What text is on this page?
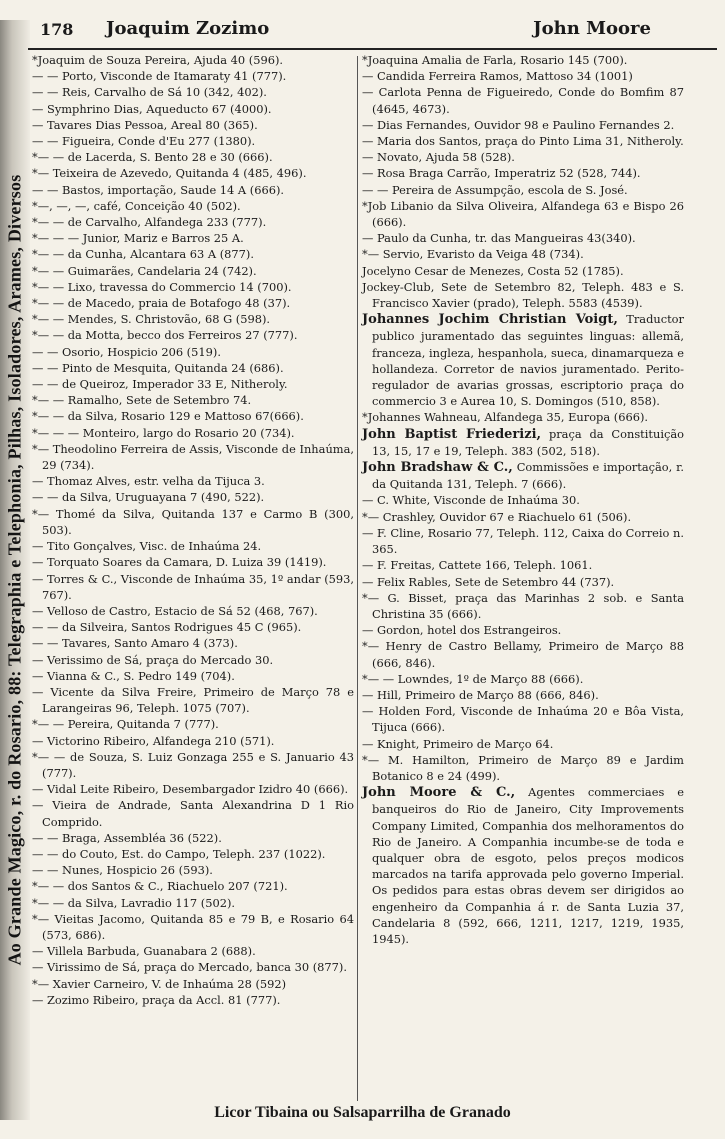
Ao Grande Magico, r. do Rosario, 88: Telegraphia e Telephonia, Pilhas, Isoladores, Arames, Diversos
178 Joaquim Zozimo	John Moore

*Joaquim de Souza Pereira, Ajuda 40 (596).

— — Porto, Visconde de Itamaraty 41 (777).

— — Reis, Carvalho de Sá 10 (342, 402).

— Symphrino Dias, Aqueducto 67 (4000).

— Tavares Dias Pessoa, Areal 80 (365).

— — Figueira, Conde d'Eu 277 (1380).

*— — de Lacerda, S. Bento 28 e 30 (666).

*— Teixeira de Azevedo, Quitanda 4 (485, 496).

— — Bastos, importação, Saude 14 A (666).

*—, —, —, café, Conceição 40 (502).

*— — de Carvalho, Alfandega 233 (777).

*— — — Junior, Mariz e Barros 25 A.

*— — da Cunha, Alcantara 63 A (877).

*— — Guimarães, Candelaria 24 (742).

*— — Lixo, travessa do Commercio 14 (700).

*— — de Macedo, praia de Botafogo 48 (37).

*— — Mendes, S. Christovão, 68 G (598).

*— — da Motta, becco dos Ferreiros 27 (777).

— — Osorio, Hospicio 206 (519).

— — Pinto de Mesquita, Quitanda 24 (686).

— — de Queiroz, Imperador 33 E, Nitheroly.

*— — Ramalho, Sete de Setembro 74.

*— — da Silva, Rosario 129 e Mattoso 67(666).

*— — — Monteiro, largo do Rosario 20 (734).

*— Theodolino Ferreira de Assis, Visconde de Inhaúma, 29 (734).

— Thomaz Alves, estr. velha da Tijuca 3.

— — da Silva, Uruguayana 7 (490, 522).

*— Thomé da Silva, Quitanda 137 e Carmo B (300, 503).

— Tito Gonçalves, Visc. de Inhaúma 24.

— Torquato Soares da Camara, D. Luiza 39 (1419).

— Torres & C., Visconde de Inhaúma 35, 1º andar (593, 767).

— Velloso de Castro, Estacio de Sá 52 (468, 767).

— — da Silveira, Santos Rodrigues 45 C (965).

— — Tavares, Santo Amaro 4 (373).

— Verissimo de Sá, praça do Mercado 30.

— Vianna & C., S. Pedro 149 (704).

— Vicente da Silva Freire, Primeiro de Março 78 e Larangeiras 96, Teleph. 1075 (707).

*— — Pereira, Quitanda 7 (777).

— Victorino Ribeiro, Alfandega 210 (571).

*— — de Souza, S. Luiz Gonzaga 255 e S. Januario 43 (777).

— Vidal Leite Ribeiro, Desembargador Izidro 40 (666).

— Vieira de Andrade, Santa Alexandrina D 1 Rio Comprido.

— — Braga, Assembléa 36 (522).

— — do Couto, Est. do Campo, Teleph. 237 (1022).

— — Nunes, Hospicio 26 (593).

*— — dos Santos & C., Riachuelo 207 (721).

*— — da Silva, Lavradio 117 (502).

*— Vieitas Jacomo, Quitanda 85 e 79 B, e Rosario 64 (573, 686).

— Villela Barbuda, Guanabara 2 (688).

— Virissimo de Sá, praça do Mercado, banca 30 (877).

*— Xavier Carneiro, V. de Inhaúma 28 (592)

— Zozimo Ribeiro, praça da Accl. 81 (777).

*Joaquina Amalia de Farla, Rosario 145 (700).

— Candida Ferreira Ramos, Mattoso 34 (1001)

— Carlota Penna de Figueiredo, Conde do Bomfim 87 (4645, 4673).

— Dias Fernandes, Ouvidor 98 e Paulino Fernandes 2.

— Maria dos Santos, praça do Pinto Lima 31, Nitheroly.

— Novato, Ajuda 58 (528).

— Rosa Braga Carrão, Imperatriz 52 (528, 744).

— — Pereira de Assumpção, escola de S. José.

*Job Libanio da Silva Oliveira, Alfandega 63 e Bispo 26 (666).

— Paulo da Cunha, tr. das Mangueiras 43(340).

*— Servio, Evaristo da Veiga 48 (734).

Jocelyno Cesar de Menezes, Costa 52 (1785).

Jockey-Club, Sete de Setembro 82, Teleph. 483 e S. Francisco Xavier (prado), Teleph. 5583 (4539).

Johannes Jochim Christian Voigt, Traductor publico juramentado das seguintes linguas: allemã, franceza, ingleza, hespanhola, sueca, dinamarqueza e hollandeza. Corretor de navios juramentado. Perito-regulador de avarias grossas, escriptorio praça do commercio 3 e Aurea 10, S. Domingos (510, 858).

*Johannes Wahneau, Alfandega 35, Europa (666).

John Baptist Friederizi, praça da Constituição 13, 15, 17 e 19, Teleph. 383 (502, 518).

John Bradshaw & C., Commissões e importação, r. da Quitanda 131, Teleph. 7 (666).

— C. White, Visconde de Inhaúma 30.

*— Crashley, Ouvidor 67 e Riachuelo 61 (506).

— F. Cline, Rosario 77, Teleph. 112, Caixa do Correio n. 365.

— F. Freitas, Cattete 166, Teleph. 1061.

— Felix Rables, Sete de Setembro 44 (737).

*— G. Bisset, praça das Marinhas 2 sob. e Santa Christina 35 (666).

— Gordon, hotel dos Estrangeiros.

*— Henry de Castro Bellamy, Primeiro de Março 88 (666, 846).

*— — Lowndes, 1º de Março 88 (666).

— Hill, Primeiro de Março 88 (666, 846).

— Holden Ford, Visconde de Inhaúma 20 e Bôa Vista, Tijuca (666).

— Knight, Primeiro de Março 64.

*— M. Hamilton, Primeiro de Março 89 e Jardim Botanico 8 e 24 (499).

John Moore & C., Agentes commerciaes e banqueiros do Rio de Janeiro, City Improvements Company Limited, Companhia dos melhoramentos do Rio de Janeiro. A Companhia incumbe-se de toda e qualquer obra de esgoto, pelos preços modicos marcados na tarifa approvada pelo governo Imperial. Os pedidos para estas obras devem ser dirigidos ao engenheiro da Companhia á r. de Santa Luzia 37, Candelaria 8 (592, 666, 1211, 1217, 1219, 1935, 1945).

Licor Tibaina ou Salsaparrilha de Granado
